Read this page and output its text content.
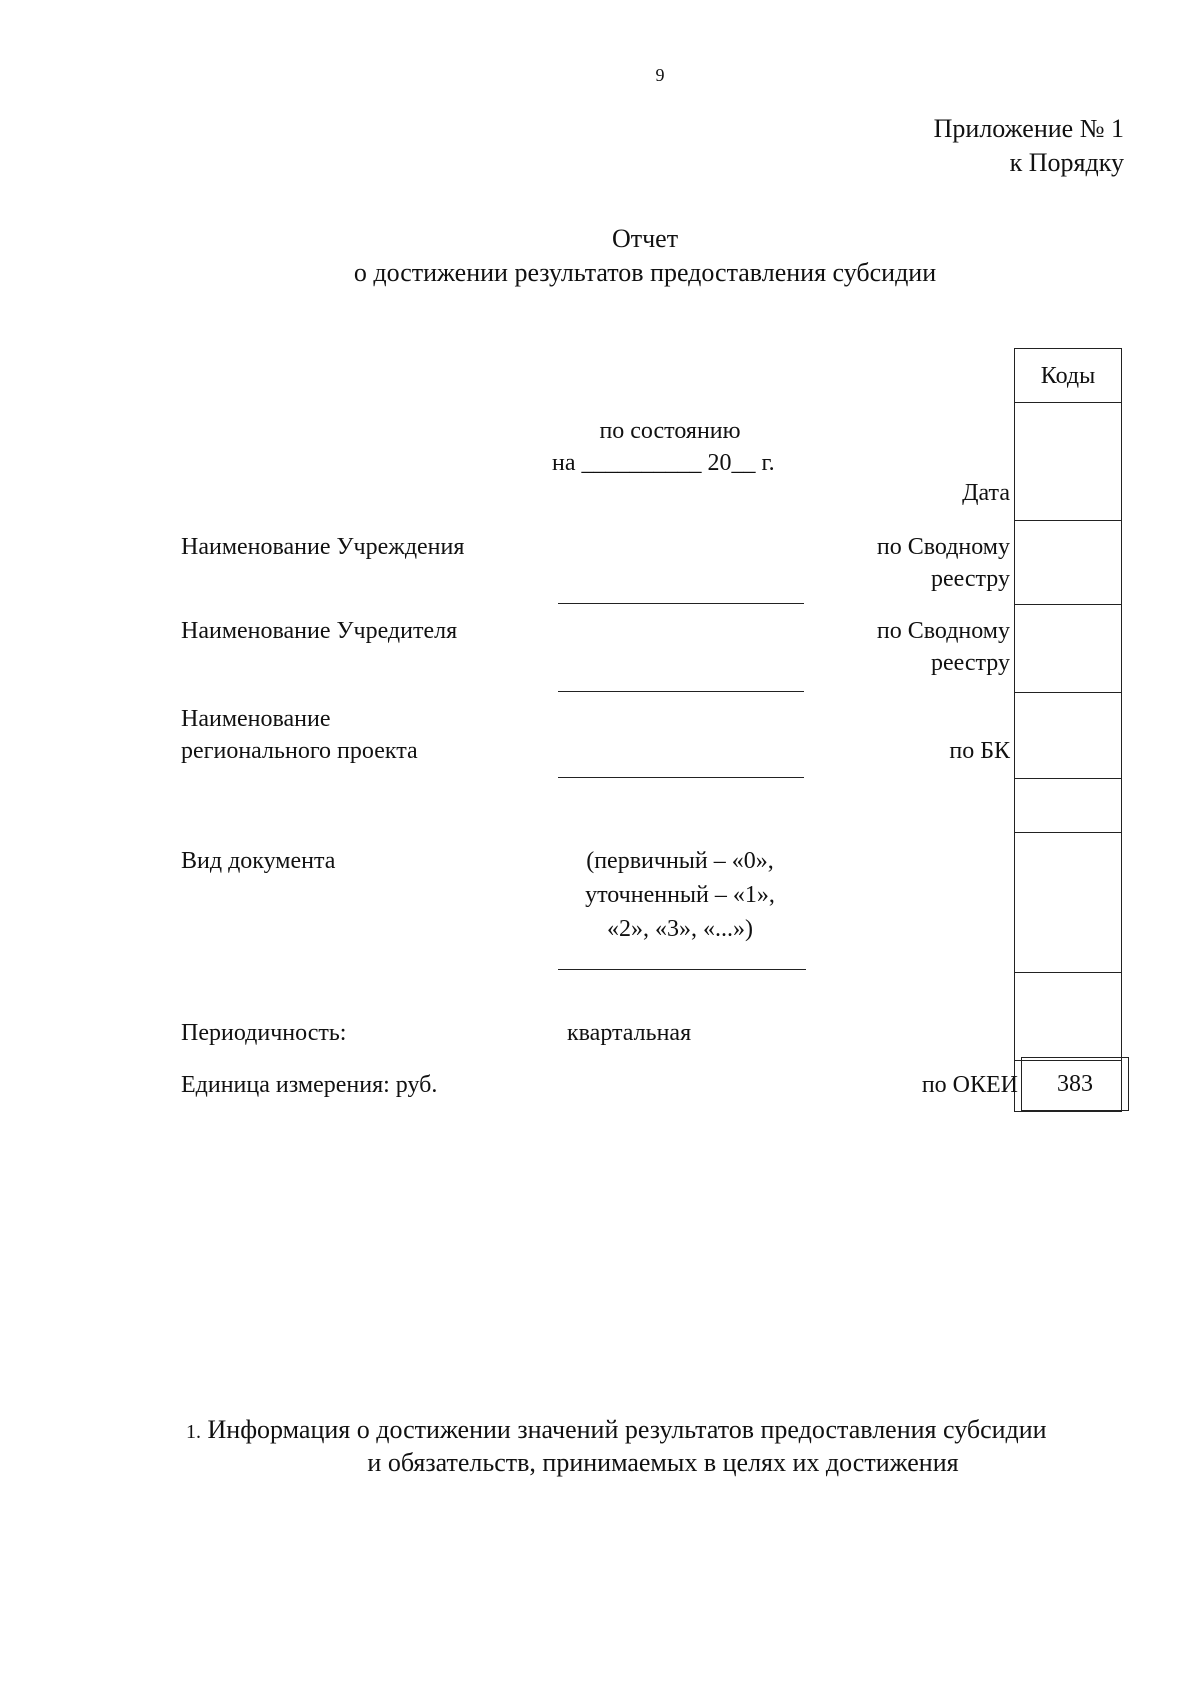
9
Приложение № 1
к Порядку
Отчет
о достижении результатов предоставления субсидии
Коды
383
по состоянию
на __________ 20__ г.
Дата
по Сводному
реестру
по Сводному
реестру
по БК
по ОКЕИ
Наименование Учреждения
Наименование Учредителя
Наименование
регионального проекта
Вид документа
Периодичность:
Единица измерения: руб.
(первичный – «0»,
уточненный – «1»,
«2», «3», «...»)
квартальная
1. Информация о достижении значений результатов предоставления субсидии
и обязательств, принимаемых в целях их достижения
